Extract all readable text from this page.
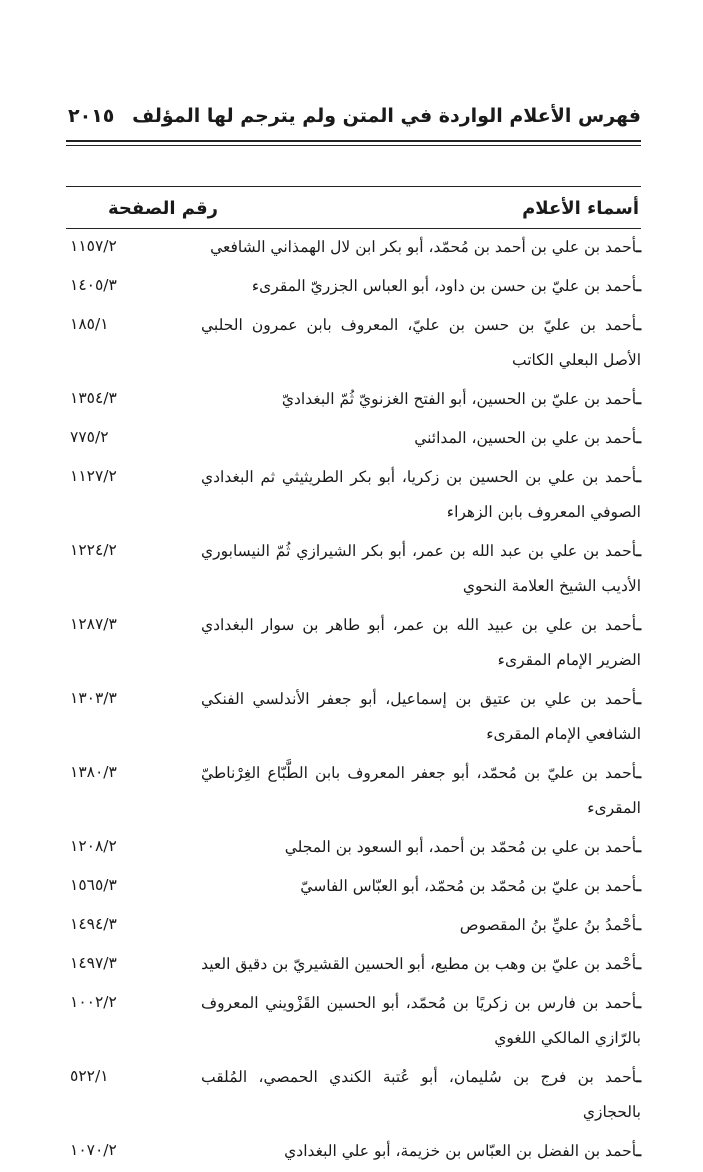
فهرس الأعلام الواردة في المتن ولم يترجم لها المؤلف
٢٠١٥
أسماء الأعلام
رقم الصفحة
ـأحمد بن علي بن أحمد بن مُحمّد، أبو بكر ابن لال الهمذاني الشافعي
١١٥٧/٢
ـأحمد بن عليّ بن حسن بن داود، أبو العباس الجزريّ المقرىء
١٤٠٥/٣
ـأحمد بن عليّ بن حسن بن عليّ، المعروف بابن عمرون الحلبي الأصل البعلي الكاتب
١٨٥/١
ـأحمد بن عليّ بن الحسين، أبو الفتح الغزنويّ ثُمّ البغداديّ
١٣٥٤/٣
ـأحمد بن علي بن الحسين، المدائني
٧٧٥/٢
ـأحمد بن علي بن الحسين بن زكريا، أبو بكر الطريثيثي ثم البغدادي الصوفي المعروف بابن الزهراء
١١٢٧/٢
ـأحمد بن علي بن عبد الله بن عمر، أبو بكر الشيرازي ثُمّ النيسابوري الأديب الشيخ العلامة النحوي
١٢٢٤/٢
ـأحمد بن علي بن عبيد الله بن عمر، أبو طاهر بن سوار البغدادي الضرير الإمام المقرىء
١٢٨٧/٣
ـأحمد بن علي بن عتيق بن إسماعيل، أبو جعفر الأندلسي الفنكي الشافعي الإمام المقرىء
١٣٠٣/٣
ـأحمد بن عليّ بن مُحمّد، أبو جعفر المعروف بابن الطَّبّاع الغِرْناطيّ المقرىء
١٣٨٠/٣
ـأحمد بن علي بن مُحمّد بن أحمد، أبو السعود بن المجلي
١٢٠٨/٢
ـأحمد بن عليّ بن مُحمّد بن مُحمّد، أبو العبّاس الفاسيّ
١٥٦٥/٣
ـأحْمدُ بنُ عليِّ بنُ المقصوص
١٤٩٤/٣
ـأحْمد بن عليّ بن وهب بن مطيع، أبو الحسين القشيريّ بن دقيق العيد
١٤٩٧/٣
ـأحمد بن فارس بن زكريًا بن مُحمّد، أبو الحسين القَزْويني المعروف بالرّازي المالكي اللغوي
١٠٠٢/٢
ـأحمد بن فرج بن سُليمان، أبو عُتبة الكندي الحمصي، المُلقب بالحجازي
٥٢٢/١
ـأحمد بن الفضل بن العبّاس بن خزيمة، أبو علي البغدادي
١٠٧٠/٢
